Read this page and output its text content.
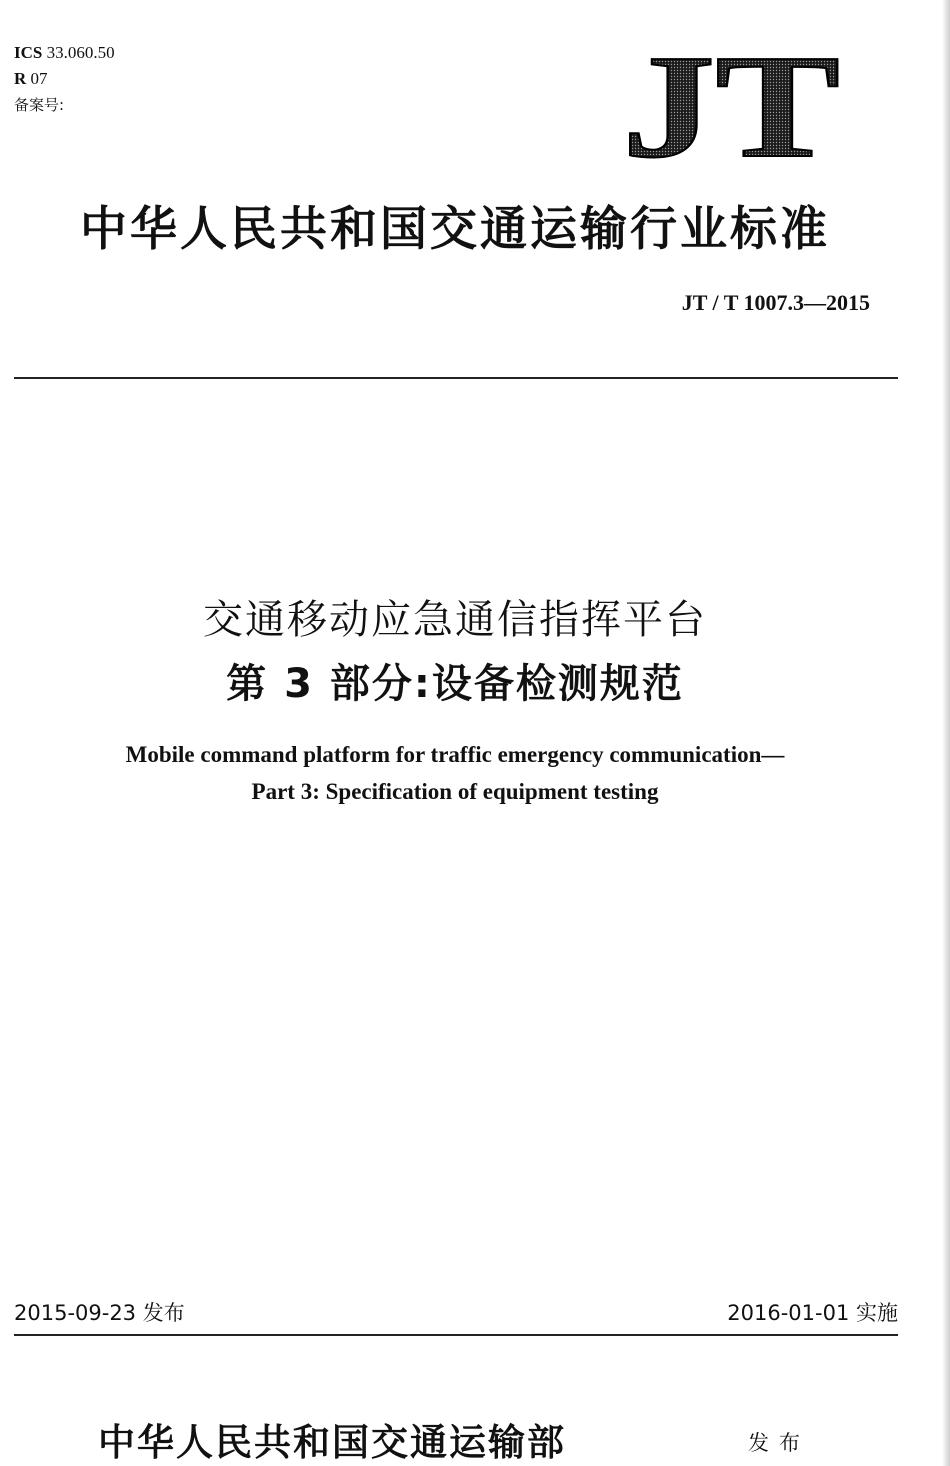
ICS 33.060.50
R 07
备案号:	JT
中华人民共和国交通运输行业标准
JT / T 1007.3—2015
交通移动应急通信指挥平台
第 3 部分:设备检测规范
Mobile command platform for traffic emergency communication—
Part 3: Specification of equipment testing
2015-09-23 发布	2016-01-01 实施
中华人民共和国交通运输部	发布
